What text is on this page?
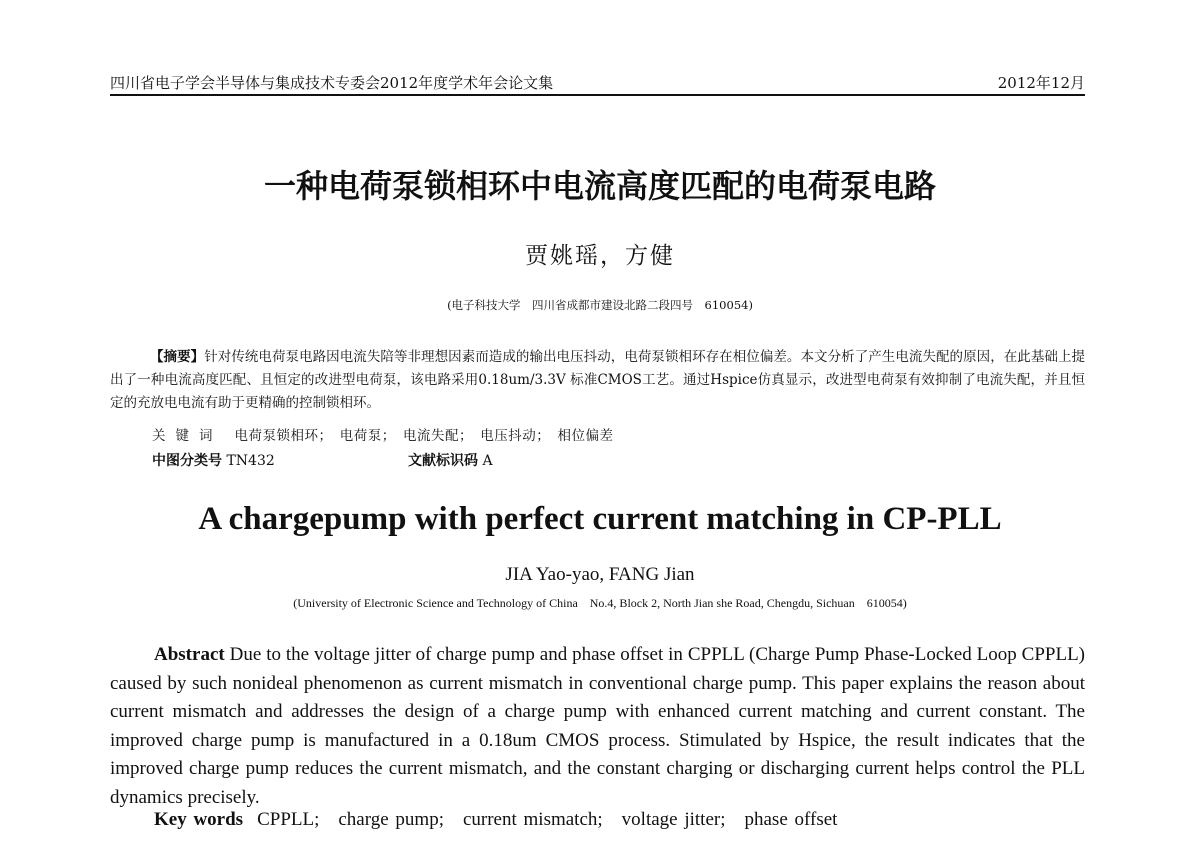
四川省电子学会半导体与集成技术专委会2012年度学术年会论文集	2012年12月
一种电荷泵锁相环中电流高度匹配的电荷泵电路
贾姚瑶，方健
(电子科技大学　四川省成都市建设北路二段四号　610054)
【摘要】针对传统电荷泵电路因电流失陪等非理想因素而造成的输出电压抖动，电荷泵锁相环存在相位偏差。本文分析了产生电流失配的原因，在此基础上提出了一种电流高度匹配、且恒定的改进型电荷泵，该电路采用0.18um/3.3V 标准CMOS工艺。通过Hspice仿真显示，改进型电荷泵有效抑制了电流失配，并且恒定的充放电电流有助于更精确的控制锁相环。
关键词 电荷泵锁相环；　电荷泵；　电流失配；　电压抖动；　相位偏差
中图分类号 TN432	文献标识码 A
A chargepump with perfect current matching in CP-PLL
JIA Yao-yao, FANG Jian
(University of Electronic Science and Technology of China　No.4, Block 2, North Jian she Road, Chengdu, Sichuan　610054)
Abstract Due to the voltage jitter of charge pump and phase offset in CPPLL (Charge Pump Phase-Locked Loop CPPLL) caused by such nonideal phenomenon as current mismatch in conventional charge pump. This paper explains the reason about current mismatch and addresses the design of a charge pump with enhanced current matching and current constant. The improved charge pump is manufactured in a 0.18um CMOS process. Stimulated by Hspice, the result indicates that the improved charge pump reduces the current mismatch, and the constant charging or discharging current helps control the PLL dynamics precisely.
Key words CPPLL;　charge pump;　current mismatch;　voltage jitter;　phase offset
